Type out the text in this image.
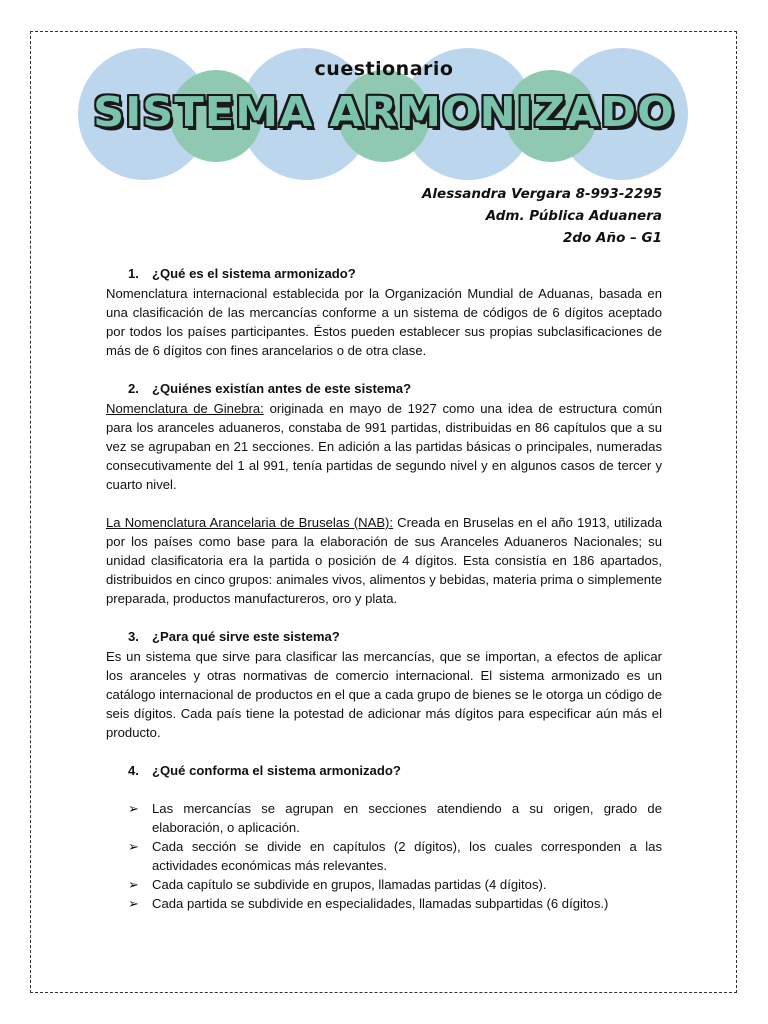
cuestionario
SISTEMA ARMONIZADO
Alessandra Vergara 8-993-2295
Adm. Pública Aduanera
2do Año – G1
1. ¿Qué es el sistema armonizado?

Nomenclatura internacional establecida por la Organización Mundial de Aduanas, basada en una clasificación de las mercancías conforme a un sistema de códigos de 6 dígitos aceptado por todos los países participantes. Éstos pueden establecer sus propias subclasificaciones de más de 6 dígitos con fines arancelarios o de otra clase.

2. ¿Quiénes existían antes de este sistema?

Nomenclatura de Ginebra: originada en mayo de 1927 como una idea de estructura común para los aranceles aduaneros, constaba de 991 partidas, distribuidas en 86 capítulos que a su vez se agrupaban en 21 secciones. En adición a las partidas básicas o principales, numeradas consecutivamente del 1 al 991, tenía partidas de segundo nivel y en algunos casos de tercer y cuarto nivel.

La Nomenclatura Arancelaria de Bruselas (NAB): Creada en Bruselas en el año 1913, utilizada por los países como base para la elaboración de sus Aranceles Aduaneros Nacionales; su unidad clasificatoria era la partida o posición de 4 dígitos. Esta consistía en 186 apartados, distribuidos en cinco grupos: animales vivos, alimentos y bebidas, materia prima o simplemente preparada, productos manufactureros, oro y plata.

3. ¿Para qué sirve este sistema?

Es un sistema que sirve para clasificar las mercancías, que se importan, a efectos de aplicar los aranceles y otras normativas de comercio internacional. El sistema armonizado es un catálogo internacional de productos en el que a cada grupo de bienes se le otorga un código de seis dígitos. Cada país tiene la potestad de adicionar más dígitos para especificar aún más el producto.

4. ¿Qué conforma el sistema armonizado?
➢ Las mercancías se agrupan en secciones atendiendo a su origen, grado de elaboración, o aplicación.
➢ Cada sección se divide en capítulos (2 dígitos), los cuales corresponden a las actividades económicas más relevantes.
➢ Cada capítulo se subdivide en grupos, llamadas partidas (4 dígitos).
➢ Cada partida se subdivide en especialidades, llamadas subpartidas (6 dígitos.)
